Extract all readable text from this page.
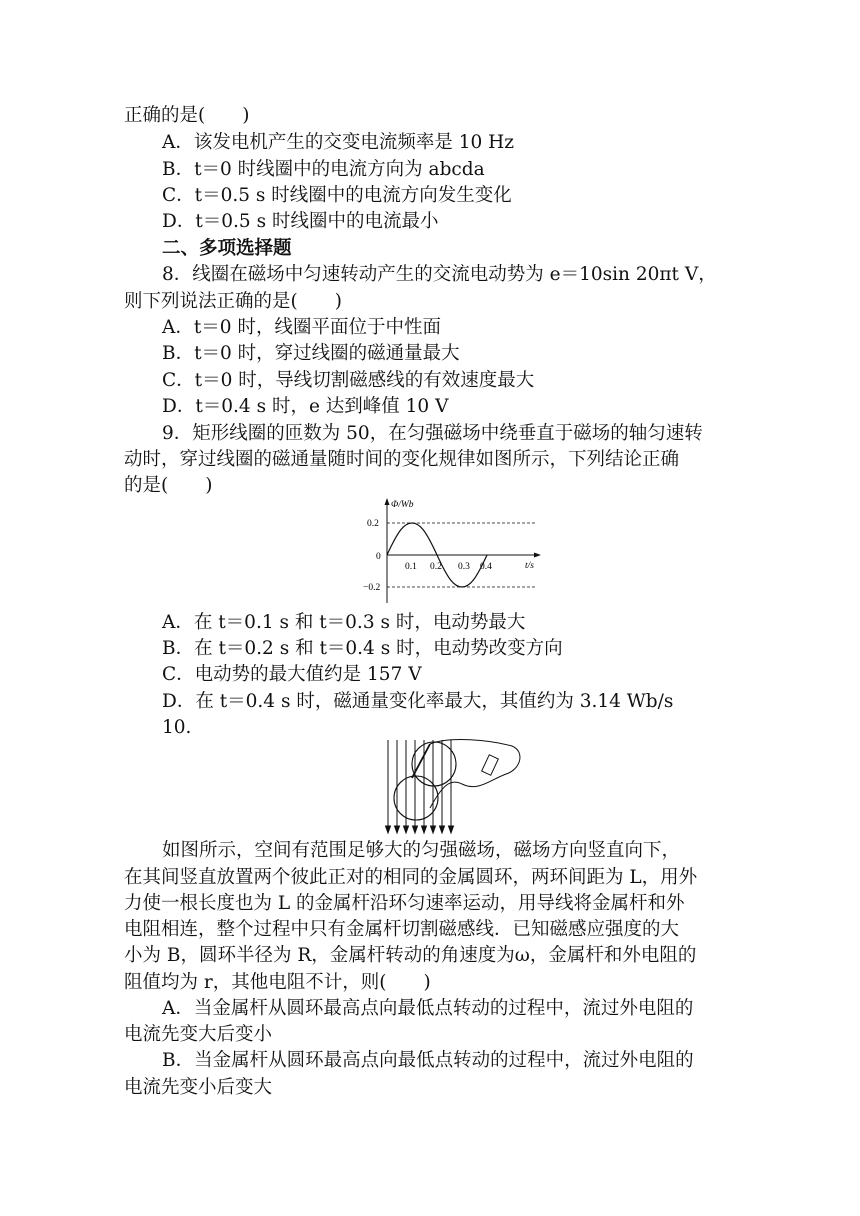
正确的是(　　)
A．该发电机产生的交变电流频率是 10 Hz
B．t＝0 时线圈中的电流方向为 abcda
C．t＝0.5 s 时线圈中的电流方向发生变化
D．t＝0.5 s 时线圈中的电流最小
二、多项选择题
8．线圈在磁场中匀速转动产生的交流电动势为 e＝10sin 20πt V，
则下列说法正确的是(　　)
A．t＝0 时，线圈平面位于中性面
B．t＝0 时，穿过线圈的磁通量最大
C．t＝0 时，导线切割磁感线的有效速度最大
D．t＝0.4 s 时，e 达到峰值 10 V
9．矩形线圈的匝数为 50，在匀强磁场中绕垂直于磁场的轴匀速转
动时，穿过线圈的磁通量随时间的变化规律如图所示，下列结论正确
的是(　　)
Φ/Wb
0.2
0
−0.2
0.1 0.2 0.3 0.4	t/s
A．在 t＝0.1 s 和 t＝0.3 s 时，电动势最大
B．在 t＝0.2 s 和 t＝0.4 s 时，电动势改变方向
C．电动势的最大值约是 157 V
D．在 t＝0.4 s 时，磁通量变化率最大，其值约为 3.14 Wb/s
10.
如图所示，空间有范围足够大的匀强磁场，磁场方向竖直向下，
在其间竖直放置两个彼此正对的相同的金属圆环，两环间距为 L，用外
力使一根长度也为 L 的金属杆沿环匀速率运动，用导线将金属杆和外
电阻相连，整个过程中只有金属杆切割磁感线．已知磁感应强度的大
小为 B，圆环半径为 R，金属杆转动的角速度为ω，金属杆和外电阻的
阻值均为 r，其他电阻不计，则(　　)
A．当金属杆从圆环最高点向最低点转动的过程中，流过外电阻的
电流先变大后变小
B．当金属杆从圆环最高点向最低点转动的过程中，流过外电阻的
电流先变小后变大
